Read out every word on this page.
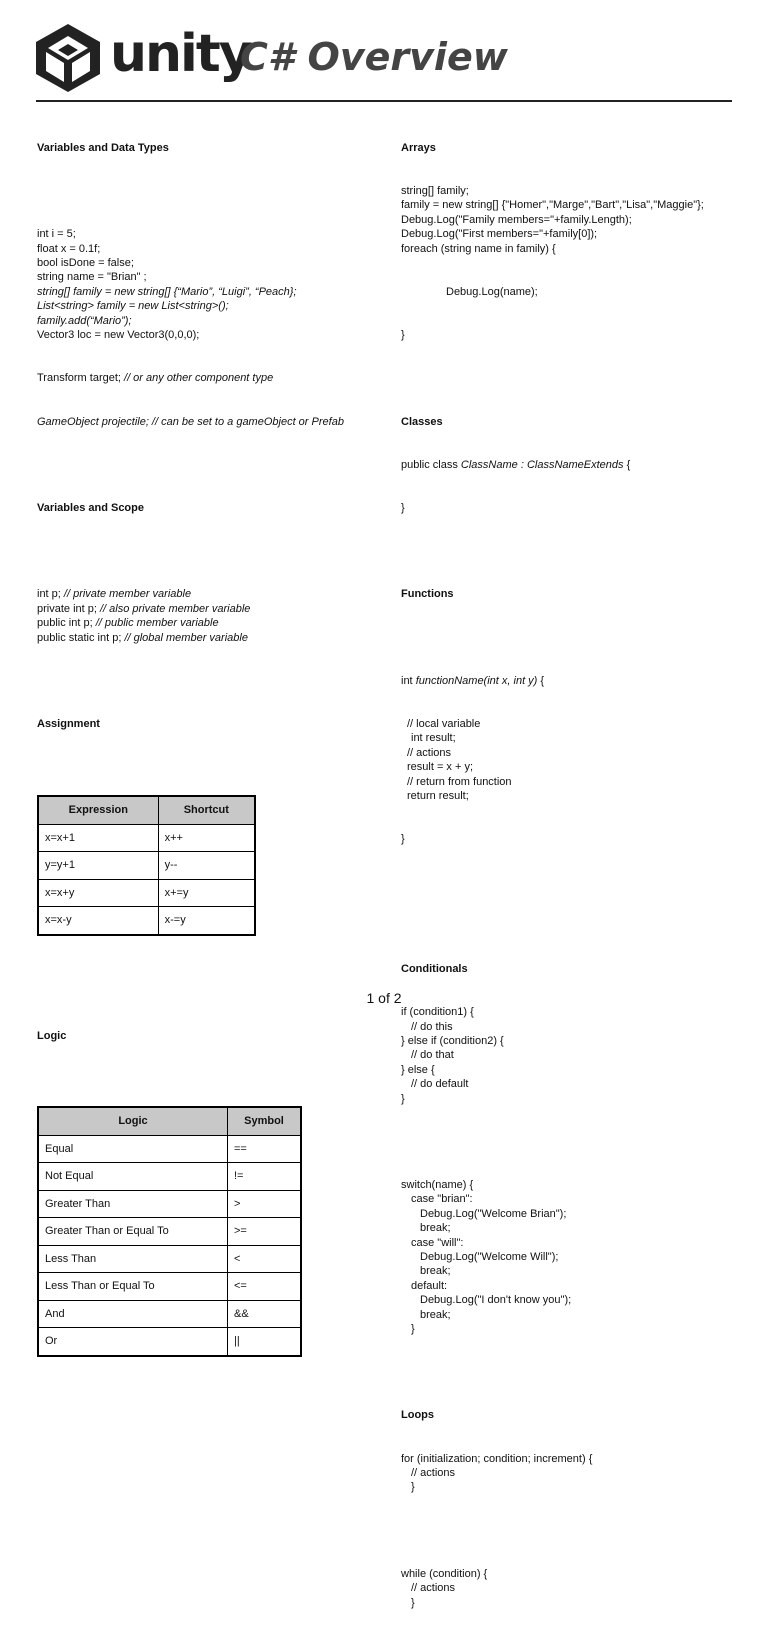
unity
C# Overview

Variables and Data Types

int i = 5;
float x = 0.1f;
bool isDone = false;
string name = "Brian" ;
string[] family = new string[] {“Mario”, “Luigi”, “Peach};
List<string> family = new List<string>();
family.add(“Mario”);
Vector3 loc = new Vector3(0,0,0);

Transform target; // or any other component type

GameObject projectile; // can be set to a gameObject or Prefab

Variables and Scope

int p; // private member variable
private int p; // also private member variable
public int p; // public member variable
public static int p; // global member variable

Assignment

Expression	Shortcut
x=x+1	x++
y=y+1	y--
x=x+y	x+=y
x=x-y	x-=y

Logic

Logic	Symbol
Equal	==
Not Equal	!=
Greater Than	>
Greater Than or Equal To	>=
Less Than	<
Less Than or Equal To	<=
And	&&
Or	||

Arrays

string[] family;
family = new string[] {"Homer","Marge","Bart","Lisa","Maggie"};
Debug.Log("Family members="+family.Length);
Debug.Log("First members="+family[0]);
foreach (string name in family) {

Debug.Log(name);

}

Classes

public class ClassName : ClassNameExtends {

}

Functions

int functionName(int x, int y) {

// local variable
int result;
// actions
result = x + y;
// return from function
return result;

}

Conditionals

if (condition1) {
// do this
} else if (condition2) {
// do that
} else {
// do default
}

switch(name) {
case "brian":
Debug.Log("Welcome Brian");
break;
case "will":
Debug.Log("Welcome Will");
break;
default:
Debug.Log("I don't know you");
break;
}

Loops

for (initialization; condition; increment) {
// actions
}

while (condition) {
// actions
}

1 of 2
